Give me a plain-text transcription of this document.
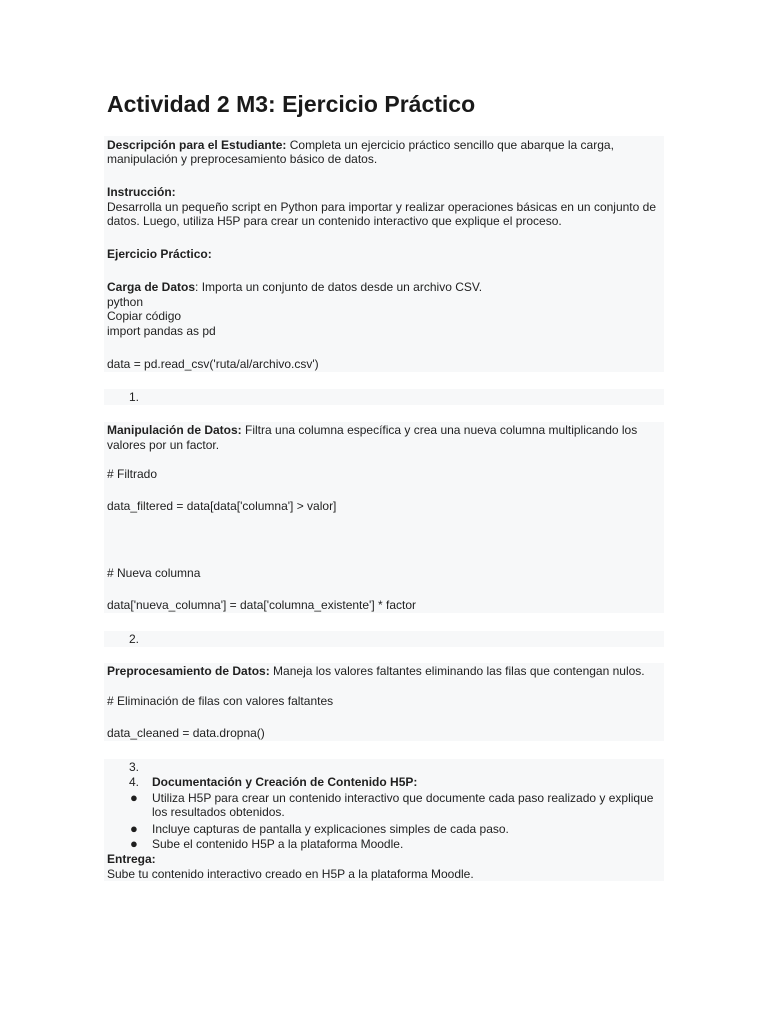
Actividad 2 M3: Ejercicio Práctico
Descripción para el Estudiante: Completa un ejercicio práctico sencillo que abarque la carga,
manipulación y preprocesamiento básico de datos.
Instrucción:
Desarrolla un pequeño script en Python para importar y realizar operaciones básicas en un conjunto de
datos. Luego, utiliza H5P para crear un contenido interactivo que explique el proceso.
Ejercicio Práctico:
Carga de Datos: Importa un conjunto de datos desde un archivo CSV.
python
Copiar código
import pandas as pd
data = pd.read_csv('ruta/al/archivo.csv')
1.
Manipulación de Datos: Filtra una columna específica y crea una nueva columna multiplicando los
valores por un factor.
# Filtrado
data_filtered = data[data['columna'] > valor]
# Nueva columna
data['nueva_columna'] = data['columna_existente'] * factor
2.
Preprocesamiento de Datos: Maneja los valores faltantes eliminando las filas que contengan nulos.
# Eliminación de filas con valores faltantes
data_cleaned = data.dropna()
3.
4. Documentación y Creación de Contenido H5P:
● Utiliza H5P para crear un contenido interactivo que documente cada paso realizado y explique
los resultados obtenidos.
● Incluye capturas de pantalla y explicaciones simples de cada paso.
● Sube el contenido H5P a la plataforma Moodle.
Entrega:
Sube tu contenido interactivo creado en H5P a la plataforma Moodle.
